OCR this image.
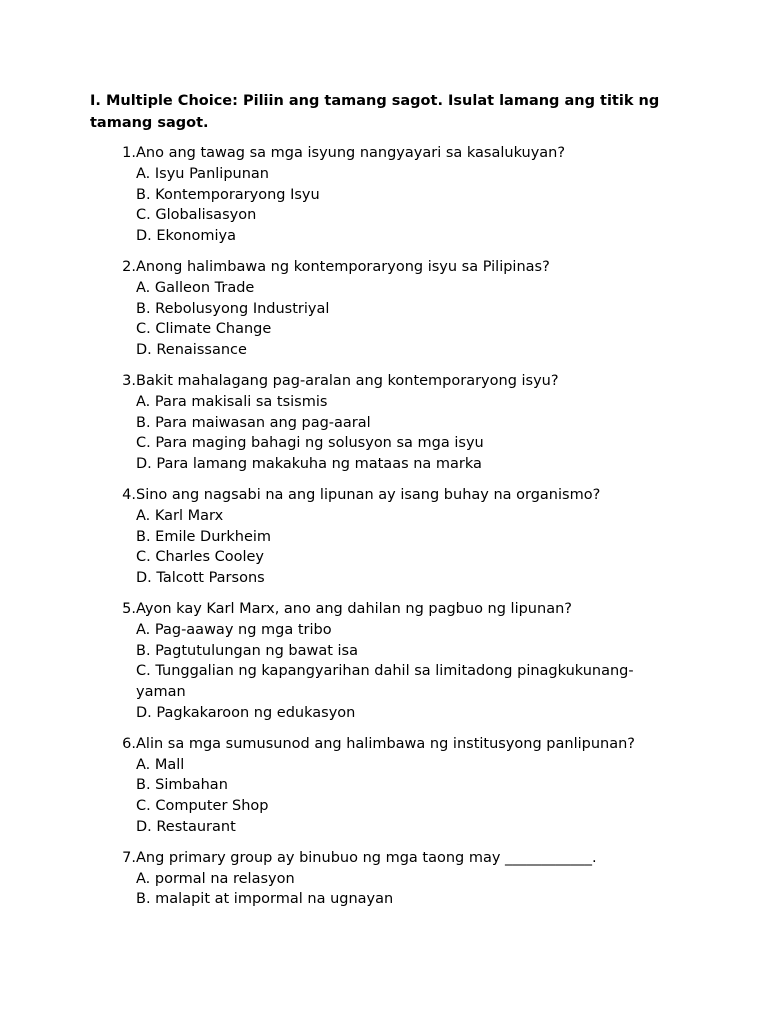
I. Multiple Choice: Piliin ang tamang sagot. Isulat lamang ang titik ng tamang sagot.
1. Ano ang tawag sa mga isyung nangyayari sa kasalukuyan?
A. Isyu Panlipunan
B. Kontemporaryong Isyu
C. Globalisasyon
D. Ekonomiya
2. Anong halimbawa ng kontemporaryong isyu sa Pilipinas?
A. Galleon Trade
B. Rebolusyong Industriyal
C. Climate Change
D. Renaissance
3. Bakit mahalagang pag-aralan ang kontemporaryong isyu?
A. Para makisali sa tsismis
B. Para maiwasan ang pag-aaral
C. Para maging bahagi ng solusyon sa mga isyu
D. Para lamang makakuha ng mataas na marka
4. Sino ang nagsabi na ang lipunan ay isang buhay na organismo?
A. Karl Marx
B. Emile Durkheim
C. Charles Cooley
D. Talcott Parsons
5. Ayon kay Karl Marx, ano ang dahilan ng pagbuo ng lipunan?
A. Pag-aaway ng mga tribo
B. Pagtutulungan ng bawat isa
C. Tunggalian ng kapangyarihan dahil sa limitadong pinagkukunang-yaman
D. Pagkakaroon ng edukasyon
6. Alin sa mga sumusunod ang halimbawa ng institusyong panlipunan?
A. Mall
B. Simbahan
C. Computer Shop
D. Restaurant
7. Ang primary group ay binubuo ng mga taong may ____________.
A. pormal na relasyon
B. malapit at impormal na ugnayan
